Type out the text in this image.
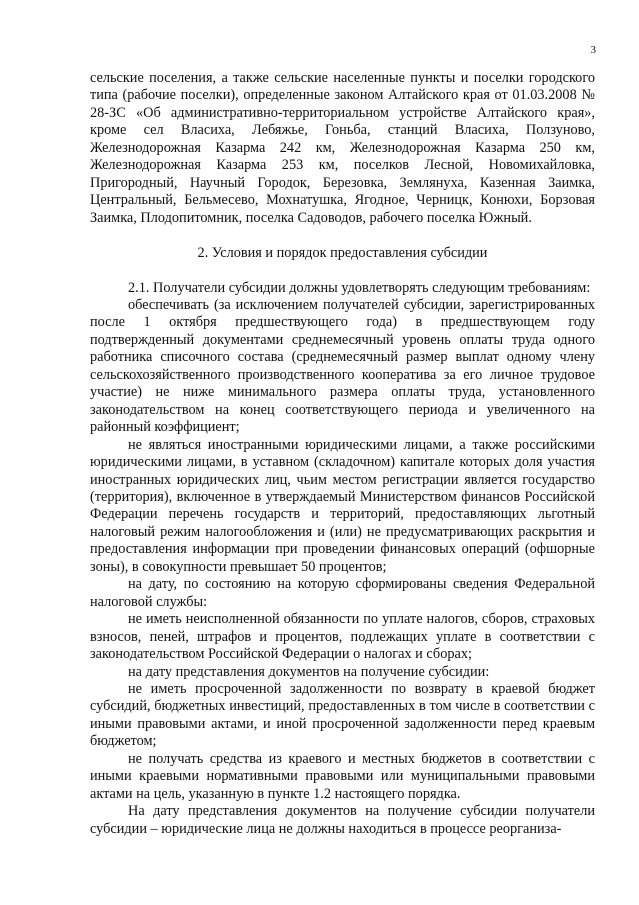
3

сельские поселения, а также сельские населенные пункты и поселки городского типа (рабочие поселки), определенные законом Алтайского края от 01.03.2008 № 28-ЗС «Об административно-территориальном устройстве Алтайского края», кроме сел Власиха, Лебяжье, Гоньба, станций Власиха, Ползуново, Железнодорожная Казарма 242 км, Железнодорожная Казарма 250 км, Железнодорожная Казарма 253 км, поселков Лесной, Новомихайловка, Пригородный, Научный Городок, Березовка, Землянуха, Казенная Заимка, Центральный, Бельмесево, Мохнатушка, Ягодное, Черницк, Конюхи, Борзовая Заимка, Плодопитомник, поселка Садоводов, рабочего поселка Южный.

2. Условия и порядок предоставления субсидии

2.1. Получатели субсидии должны удовлетворять следующим требованиям:

обеспечивать (за исключением получателей субсидии, зарегистрированных после 1 октября предшествующего года) в предшествующем году подтвержденный документами среднемесячный уровень оплаты труда одного работника списочного состава (среднемесячный размер выплат одному члену сельскохозяйственного производственного кооператива за его личное трудовое участие) не ниже минимального размера оплаты труда, установленного законодательством на конец соответствующего периода и увеличенного на районный коэффициент;

не являться иностранными юридическими лицами, а также российскими юридическими лицами, в уставном (складочном) капитале которых доля участия иностранных юридических лиц, чьим местом регистрации является государство (территория), включенное в утверждаемый Министерством финансов Российской Федерации перечень государств и территорий, предоставляющих льготный налоговый режим налогообложения и (или) не предусматривающих раскрытия и предоставления информации при проведении финансовых операций (офшорные зоны), в совокупности превышает 50 процентов;

на дату, по состоянию на которую сформированы сведения Федеральной налоговой службы:

не иметь неисполненной обязанности по уплате налогов, сборов, страховых взносов, пеней, штрафов и процентов, подлежащих уплате в соответствии с законодательством Российской Федерации о налогах и сборах;

на дату представления документов на получение субсидии:

не иметь просроченной задолженности по возврату в краевой бюджет субсидий, бюджетных инвестиций, предоставленных в том числе в соответствии с иными правовыми актами, и иной просроченной задолженности перед краевым бюджетом;

не получать средства из краевого и местных бюджетов в соответствии с иными краевыми нормативными правовыми или муниципальными правовыми актами на цель, указанную в пункте 1.2 настоящего порядка.

На дату представления документов на получение субсидии получатели субсидии – юридические лица не должны находиться в процессе реорганиза-
